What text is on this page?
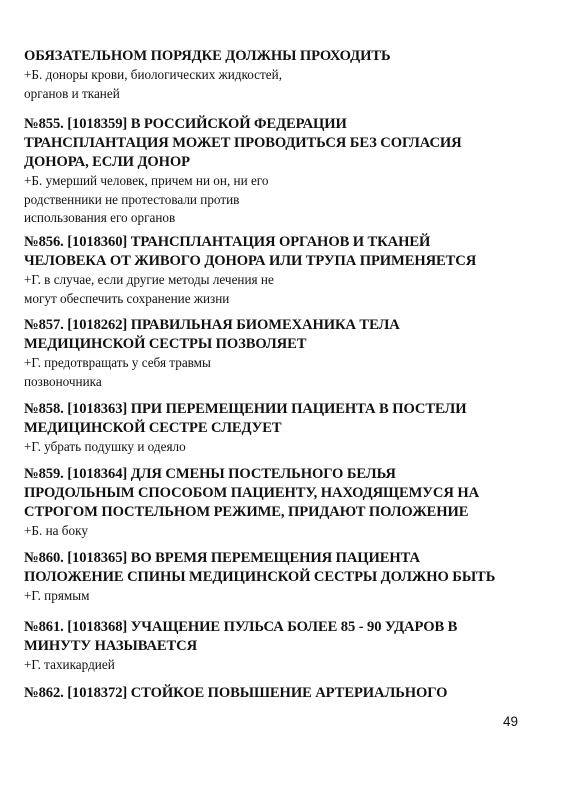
ОБЯЗАТЕЛЬНОМ ПОРЯДКЕ ДОЛЖНЫ ПРОХОДИТЬ
+Б. доноры крови, биологических жидкостей,
органов и тканей
№855. [1018359] В РОССИЙСКОЙ ФЕДЕРАЦИИ
ТРАНСПЛАНТАЦИЯ МОЖЕТ ПРОВОДИТЬСЯ БЕЗ СОГЛАСИЯ
ДОНОРА, ЕСЛИ ДОНОР
+Б. умерший человек, причем ни он, ни его
родственники не протестовали против
использования его органов
№856. [1018360] ТРАНСПЛАНТАЦИЯ ОРГАНОВ И ТКАНЕЙ
ЧЕЛОВЕКА ОТ ЖИВОГО ДОНОРА ИЛИ ТРУПА ПРИМЕНЯЕТСЯ
+Г. в случае, если другие методы лечения не
могут обеспечить сохранение жизни
№857. [1018262] ПРАВИЛЬНАЯ БИОМЕХАНИКА ТЕЛА
МЕДИЦИНСКОЙ СЕСТРЫ ПОЗВОЛЯЕТ
+Г. предотвращать у себя травмы
позвоночника
№858. [1018363] ПРИ ПЕРЕМЕЩЕНИИ ПАЦИЕНТА В ПОСТЕЛИ
МЕДИЦИНСКОЙ СЕСТРЕ СЛЕДУЕТ
+Г. убрать подушку и одеяло
№859. [1018364] ДЛЯ СМЕНЫ ПОСТЕЛЬНОГО БЕЛЬЯ
ПРОДОЛЬНЫМ СПОСОБОМ ПАЦИЕНТУ, НАХОДЯЩЕМУСЯ НА
СТРОГОМ ПОСТЕЛЬНОМ РЕЖИМЕ, ПРИДАЮТ ПОЛОЖЕНИЕ
+Б. на боку
№860. [1018365] ВО ВРЕМЯ ПЕРЕМЕЩЕНИЯ ПАЦИЕНТА
ПОЛОЖЕНИЕ СПИНЫ МЕДИЦИНСКОЙ СЕСТРЫ ДОЛЖНО БЫТЬ
+Г. прямым
№861. [1018368] УЧАЩЕНИЕ ПУЛЬСА БОЛЕЕ 85 - 90 УДАРОВ В
МИНУТУ НАЗЫВАЕТСЯ
+Г. тахикардией
№862. [1018372] СТОЙКОЕ ПОВЫШЕНИЕ АРТЕРИАЛЬНОГО
49
